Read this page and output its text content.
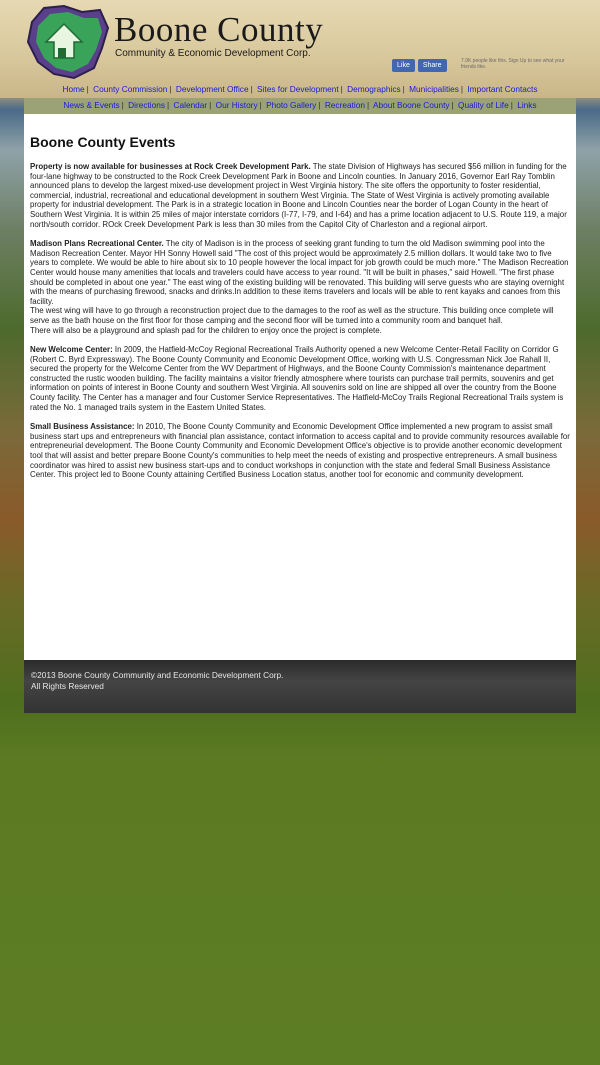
Boone County
Community & Economic Development Corp.
Like	Share
7.9K people like this. Sign Up to see what your friends like.
Home | County Commission | Development Office | Sites for Development | Demographics | Municipalities | Important Contacts
News & Events | Directions | Calendar | Our History | Photo Gallery | Recreation | About Boone County | Quality of Life | Links
Boone County Events

Property is now available for businesses at Rock Creek Development Park. The state Division of Highways has secured $56 million in funding for the four-lane highway to be constructed to the Rock Creek Development Park in Boone and Lincoln counties. In January 2016, Governor Earl Ray Tomblin announced plans to develop the largest mixed-use development project in West Virginia history. The site offers the opportunity to foster residential, commercial, industrial, recreational and educational development in southern West Virginia. The State of West Virginia is actively promoting available property for industrial development. The Park is in a strategic location in Boone and Lincoln Counties near the border of Logan County in the heart of Southern West Virginia. It is within 25 miles of major interstate corridors (I-77, I-79, and I-64) and has a prime location adjacent to U.S. Route 119, a major north/south corridor. ROck Creek Development Park is less than 30 miles from the Capitol City of Charleston and a regional airport.

Madison Plans Recreational Center. The city of Madison is in the process of seeking grant funding to turn the old Madison swimming pool into the Madison Recreation Center. Mayor HH Sonny Howell said "The cost of this project would be approximately 2.5 million dollars. It would take two to five years to complete. We would be able to hire about six to 10 people however the local impact for job growth could be much more." The Madison Recreation Center would house many amenities that locals and travelers could have access to year round. "It will be built in phases," said Howell. "The first phase should be completed in about one year." The east wing of the existing building will be renovated. This building will serve guests who are staying overnight with the means of purchasing firewood, snacks and drinks.In addition to these items travelers and locals will be able to rent kayaks and canoes from this facility.

The west wing will have to go through a reconstruction project due to the damages to the roof as well as the structure. This building once complete will serve as the bath house on the first floor for those camping and the second floor will be turned into a community room and banquet hall.

There will also be a playground and splash pad for the children to enjoy once the project is complete.

New Welcome Center: In 2009, the Hatfield-McCoy Regional Recreational Trails Authority opened a new Welcome Center-Retail Facility on Corridor G (Robert C. Byrd Expressway). The Boone County Community and Economic Development Office, working with U.S. Congressman Nick Joe Rahall II, secured the property for the Welcome Center from the WV Department of Highways, and the Boone County Commission's maintenance department constructed the rustic wooden building. The facility maintains a visitor friendly atmosphere where tourists can purchase trail permits, souvenirs and get information on points of interest in Boone County and southern West Virginia. All souvenirs sold on line are shipped all over the country from the Boone County facility. The Center has a manager and four Customer Service Representatives. The Hatfield-McCoy Trails Regional Recreational Trails system is rated the No. 1 managed trails system in the Eastern United States.

Small Business Assistance: In 2010, The Boone County Community and Economic Development Office implemented a new program to assist small business start ups and entrepreneurs with financial plan assistance, contact information to access capital and to provide community resources available for entrepreneurial development. The Boone County Community and Economic Development Office's objective is to provide another economic development tool that will assist and better prepare Boone County's communities to help meet the needs of existing and prospective entrepreneurs. A small business coordinator was hired to assist new business start-ups and to conduct workshops in conjunction with the state and federal Small Business Assistance Center. This project led to Boone County attaining Certified Business Location status, another tool for economic and community development.

©2013 Boone County Community and Economic Development Corp.
All Rights Reserved
